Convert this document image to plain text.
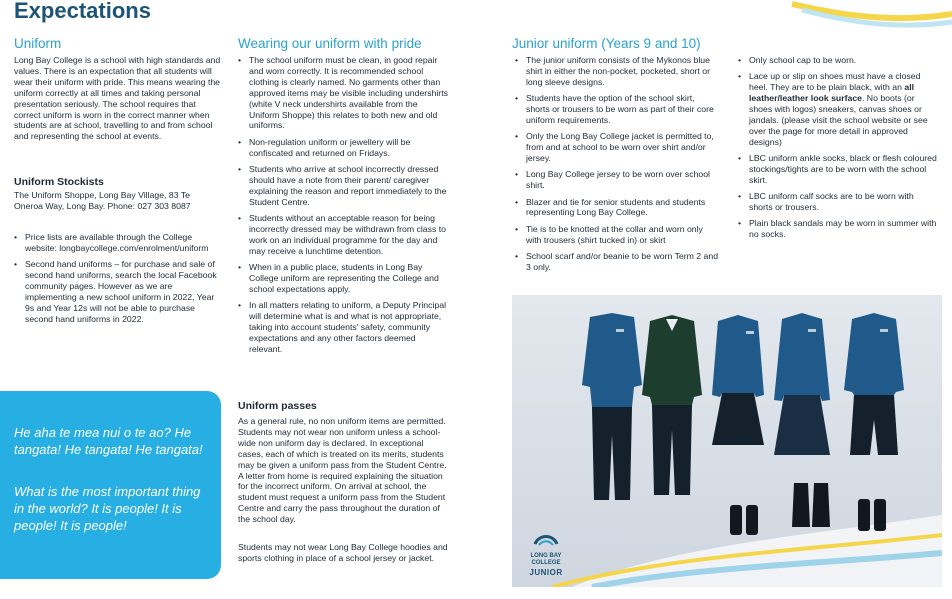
Expectations
Uniform

Long Bay College is a school with high standards and values. There is an expectation that all students will wear their uniform with pride. This means wearing the uniform correctly at all times and taking personal presentation seriously. The school requires that correct uniform is worn in the correct manner when students are at school, travelling to and from school and representing the school at events.

Uniform Stockists

The Uniform Shoppe, Long Bay Village, 83 Te Oneroa Way, Long Bay. Phone: 027 303 8087

• Price lists are available through the College website: longbaycollege.com/enrolment/uniform
• Second hand uniforms – for purchase and sale of second hand uniforms, search the local Facebook community pages. However as we are implementing a new school uniform in 2022, Year 9s and Year 12s will not be able to purchase second hand uniforms in 2022.

He aha te mea nui o te ao? He tangata! He tangata! He tangata!

What is the most important thing in the world? It is people! It is people! It is people!

Wearing our uniform with pride
• The school uniform must be clean, in good repair and worn correctly. It is recommended school clothing is clearly named. No garments other than approved items may be visible including undershirts (white V neck undershirts available from the Uniform Shoppe) this relates to both new and old uniforms.
• Non-regulation uniform or jewellery will be confiscated and returned on Fridays.
• Students who arrive at school incorrectly dressed should have a note from their parent/ caregiver explaining the reason and report immediately to the Student Centre.
• Students without an acceptable reason for being incorrectly dressed may be withdrawn from class to work on an individual programme for the day and may receive a lunchtime detention.
• When in a public place, students in Long Bay College uniform are representing the College and school expectations apply.
• In all matters relating to uniform, a Deputy Principal will determine what is and what is not appropriate, taking into account students' safety, community expectations and any other factors deemed relevant.
Uniform passes

As a general rule, no non uniform items are permitted. Students may not wear non uniform unless a school-wide non uniform day is declared. In exceptional cases, each of which is treated on its merits, students may be given a uniform pass from the Student Centre. A letter from home is required explaining the situation for the incorrect uniform. On arrival at school, the student must request a uniform pass from the Student Centre and carry the pass throughout the duration of the school day.

Students may not wear Long Bay College hoodies and sports clothing in place of a school jersey or jacket.

Junior uniform (Years 9 and 10)
• The junior uniform consists of the Mykonos blue shirt in either the non-pocket, pocketed, short or long sleeve designs.
• Students have the option of the school skirt, shorts or trousers to be worn as part of their core uniform requirements.
• Only the Long Bay College jacket is permitted to, from and at school to be worn over shirt and/or jersey.
• Long Bay College jersey to be worn over school shirt.
• Blazer and tie for senior students and students representing Long Bay College.
• Tie is to be knotted at the collar and worn only with trousers (shirt tucked in) or skirt
• School scarf and/or beanie to be worn Term 2 and 3 only.
• Only school cap to be worn.
• Lace up or slip on shoes must have a closed heel. They are to be plain black, with an all leather/leather look surface. No boots (or shoes with logos) sneakers, canvas shoes or jandals. (please visit the school website or see over the page for more detail in approved designs)
• LBC uniform ankle socks, black or flesh coloured stockings/tights are to be worn with the school skirt.
• LBC uniform calf socks are to be worn with shorts or trousers.
• Plain black sandals may be worn in summer with no socks.
LONG BAY
COLLEGE
JUNIOR
